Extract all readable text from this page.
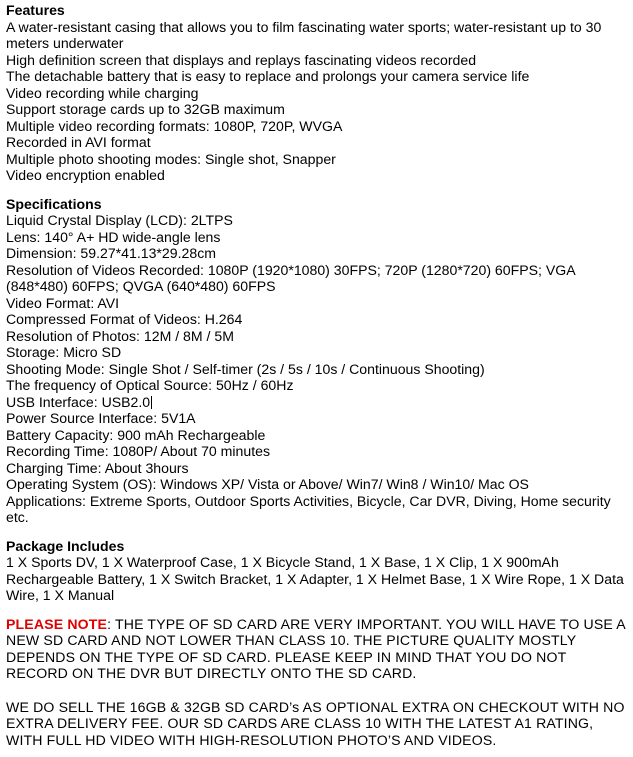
Features

A water-resistant casing that allows you to film fascinating water sports; water-resistant up to 30 meters underwater

High definition screen that displays and replays fascinating videos recorded

The detachable battery that is easy to replace and prolongs your camera service life

Video recording while charging

Support storage cards up to 32GB maximum

Multiple video recording formats: 1080P, 720P, WVGA

Recorded in AVI format

Multiple photo shooting modes: Single shot, Snapper

Video encryption enabled

Specifications

Liquid Crystal Display (LCD): 2LTPS

Lens: 140° A+ HD wide-angle lens

Dimension: 59.27*41.13*29.28cm

Resolution of Videos Recorded: 1080P (1920*1080) 30FPS; 720P (1280*720) 60FPS; VGA (848*480) 60FPS; QVGA (640*480) 60FPS

Video Format: AVI

Compressed Format of Videos: H.264

Resolution of Photos: 12M / 8M / 5M

Storage: Micro SD

Shooting Mode: Single Shot / Self-timer (2s / 5s / 10s / Continuous Shooting)

The frequency of Optical Source: 50Hz / 60Hz

USB Interface: USB2.0

Power Source Interface: 5V1A

Battery Capacity: 900 mAh Rechargeable

Recording Time: 1080P/ About 70 minutes

Charging Time: About 3hours

Operating System (OS): Windows XP/ Vista or Above/ Win7/ Win8 / Win10/ Mac OS

Applications: Extreme Sports, Outdoor Sports Activities, Bicycle, Car DVR, Diving, Home security etc.

Package Includes

1 X Sports DV, 1 X Waterproof Case, 1 X Bicycle Stand, 1 X Base, 1 X Clip, 1 X 900mAh Rechargeable Battery, 1 X Switch Bracket, 1 X Adapter, 1 X Helmet Base, 1 X Wire Rope, 1 X Data Wire, 1 X Manual

PLEASE NOTE: THE TYPE OF SD CARD ARE VERY IMPORTANT. YOU WILL HAVE TO USE A NEW SD CARD AND NOT LOWER THAN CLASS 10. THE PICTURE QUALITY MOSTLY DEPENDS ON THE TYPE OF SD CARD. PLEASE KEEP IN MIND THAT YOU DO NOT RECORD ON THE DVR BUT DIRECTLY ONTO THE SD CARD.

WE DO SELL THE 16GB & 32GB SD CARD’s AS OPTIONAL EXTRA ON CHECKOUT WITH NO EXTRA DELIVERY FEE. OUR SD CARDS ARE CLASS 10 WITH THE LATEST A1 RATING, WITH FULL HD VIDEO WITH HIGH-RESOLUTION PHOTO’S AND VIDEOS.
